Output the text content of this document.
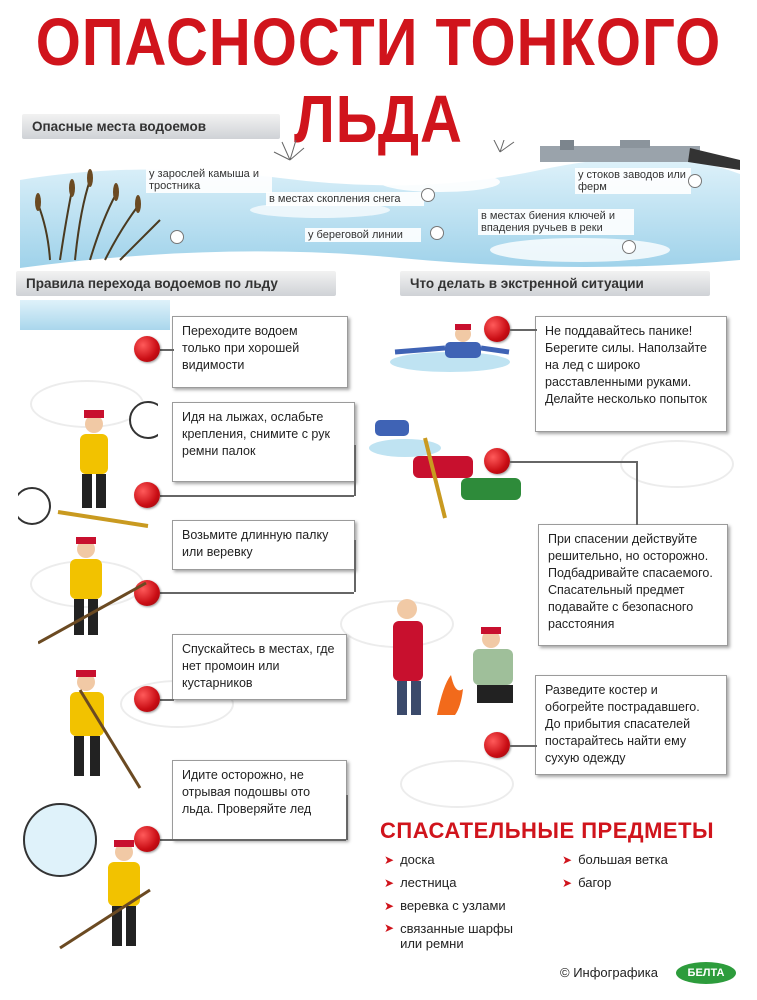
ОПАСНОСТИ ТОНКОГО ЛЬДА
Опасные места водоемов
у зарослей камыша и тростника
в местах скопления снега
у береговой линии
у стоков заводов или ферм
в местах биения ключей и впадения ручьев в реки
Правила перехода водоемов по льду	Что делать в экстренной ситуации
Переходите водоем только при хорошей видимости
Идя на лыжах, ослабьте крепления, снимите с рук ремни палок
Возьмите длинную палку или веревку
Спускайтесь в местах, где нет промоин или кустарников
Идите осторожно, не отрывая подошвы ото льда. Проверяйте лед
Не поддавайтесь панике! Берегите силы. Наползайте на лед с широко расставленными руками. Делайте несколько попыток
При спасении действуйте решительно, но осторожно. Подбадривайте спасаемого. Спасательный предмет подавайте с безопасного расстояния
Разведите костер и обогрейте пострадавшего. До прибытия спасателей постарайтесь найти ему сухую одежду
СПАСАТЕЛЬНЫЕ ПРЕДМЕТЫ
➤ доска
➤ лестница
➤ веревка с узлами
➤ связанные шарфы или ремни
➤ большая ветка
➤ багор
© Инфографика	БЕЛТА
